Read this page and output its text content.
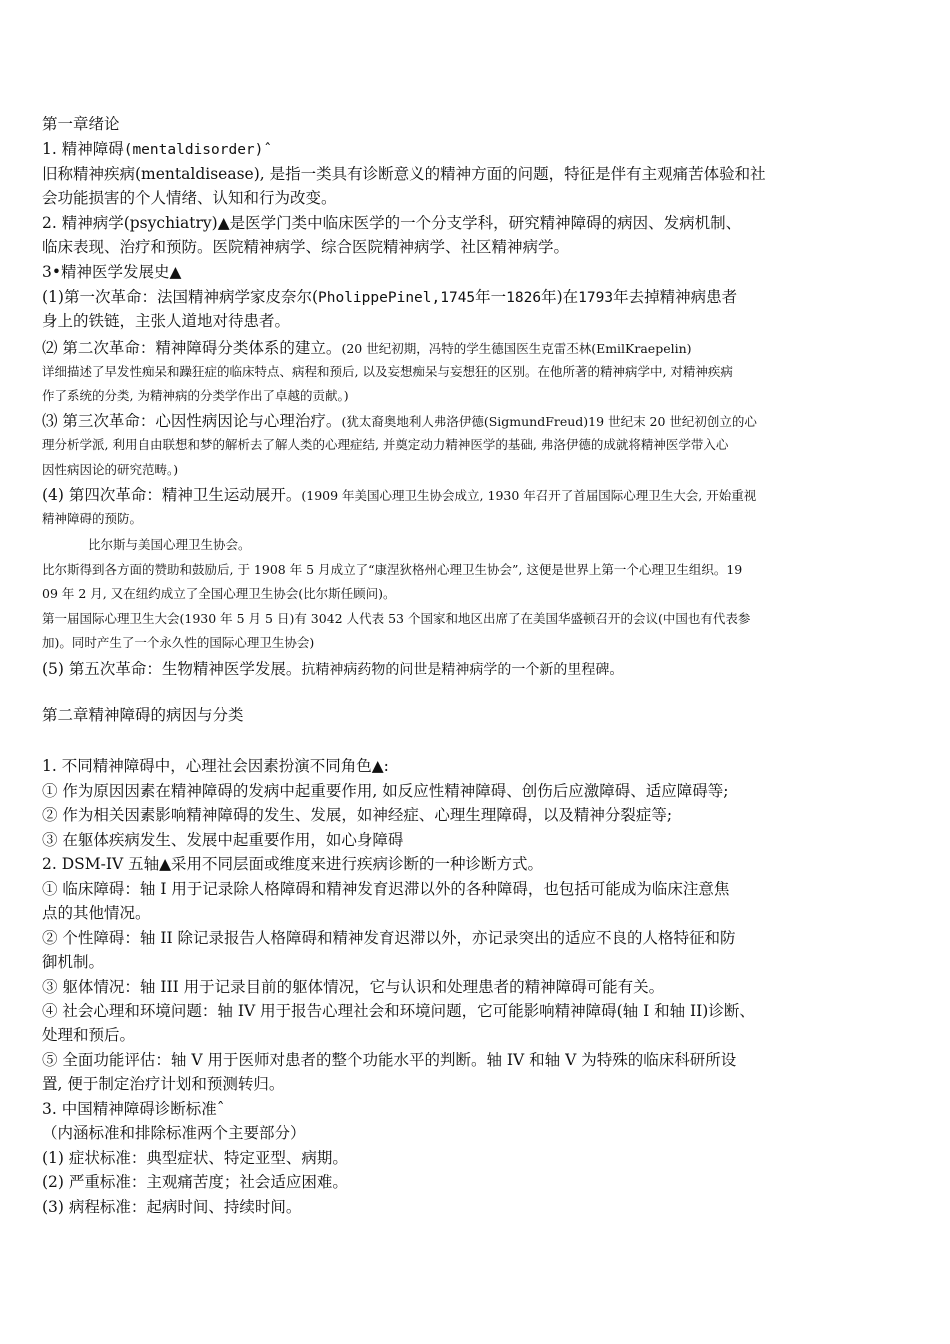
第一章绪论
1. 精神障碍(mentaldisorder)ˆ
旧称精神疾病(mentaldisease), 是指一类具有诊断意义的精神方面的问题，特征是伴有主观痛苦体验和社
会功能损害的个人情绪、认知和行为改变。
2. 精神病学(psychiatry)▲是医学门类中临床医学的一个分支学科，研究精神障碍的病因、发病机制、
临床表现、治疗和预防。医院精神病学、综合医院精神病学、社区精神病学。
3•精神医学发展史▲
(1)第一次革命：法国精神病学家皮奈尔(PholippePinel,1745年一1826年)在1793年去掉精神病患者
身上的铁链，主张人道地对待患者。
⑵ 第二次革命：精神障碍分类体系的建立。(20 世纪初期，冯特的学生德国医生克雷丕林(EmilKraepelin)
详细描述了早发性痴呆和躁狂症的临床特点、病程和预后, 以及妄想痴呆与妄想狂的区别。在他所著的精神病学中, 对精神疾病
作了系统的分类, 为精神病的分类学作出了卓越的贡献。)
⑶ 第三次革命：心因性病因论与心理治疗。(犹太裔奥地利人弗洛伊德(SigmundFreud)19 世纪末 20 世纪初创立的心
理分析学派, 利用自由联想和梦的解析去了解人类的心理症结, 并奠定动力精神医学的基础, 弗洛伊德的成就将精神医学带入心
因性病因论的研究范畴。)
(4) 第四次革命：精神卫生运动展开。(1909 年美国心理卫生协会成立, 1930 年召开了首届国际心理卫生大会, 开始重视
精神障碍的预防。
比尔斯与美国心理卫生协会。
比尔斯得到各方面的赞助和鼓励后, 于 1908 年 5 月成立了“康涅狄格州心理卫生协会”, 这便是世界上第一个心理卫生组织。19
09 年 2 月, 又在纽约成立了全国心理卫生协会(比尔斯任顾问)。
第一届国际心理卫生大会(1930 年 5 月 5 日)有 3042 人代表 53 个国家和地区出席了在美国华盛顿召开的会议(中国也有代表参
加)。同时产生了一个永久性的国际心理卫生协会)
(5) 第五次革命：生物精神医学发展。抗精神病药物的问世是精神病学的一个新的里程碑。
第二章精神障碍的病因与分类
1. 不同精神障碍中，心理社会因素扮演不同角色▲:
① 作为原因因素在精神障碍的发病中起重要作用, 如反应性精神障碍、创伤后应激障碍、适应障碍等;
② 作为相关因素影响精神障碍的发生、发展，如神经症、心理生理障碍，以及精神分裂症等;
③ 在躯体疾病发生、发展中起重要作用，如心身障碍
2. DSM-IV 五轴▲采用不同层面或维度来进行疾病诊断的一种诊断方式。
① 临床障碍：轴 I 用于记录除人格障碍和精神发育迟滞以外的各种障碍，也包括可能成为临床注意焦
点的其他情况。
② 个性障碍：轴 II 除记录报告人格障碍和精神发育迟滞以外，亦记录突出的适应不良的人格特征和防
御机制。
③ 躯体情况：轴 III 用于记录目前的躯体情况，它与认识和处理患者的精神障碍可能有关。
④ 社会心理和环境问题：轴 IV 用于报告心理社会和环境问题，它可能影响精神障碍(轴 I 和轴 II)诊断、
处理和预后。
⑤ 全面功能评估：轴 V 用于医师对患者的整个功能水平的判断。轴 IV 和轴 V 为特殊的临床科研所设
置, 便于制定治疗计划和预测转归。
3. 中国精神障碍诊断标准ˆ
（内涵标准和排除标准两个主要部分）
(1) 症状标准：典型症状、特定亚型、病期。
(2) 严重标准：主观痛苦度；社会适应困难。
(3) 病程标准：起病时间、持续时间。
